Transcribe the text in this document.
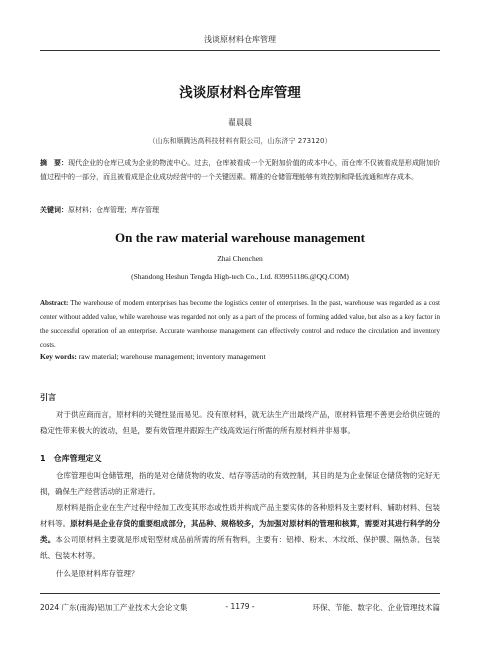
浅谈原材料仓库管理
浅谈原材料仓库管理
翟晨晨
（山东和顺腾达高科技材料有限公司，山东济宁 273120）
摘　要：现代企业的仓库已成为企业的物流中心。过去，仓库被看成一个无附加价值的成本中心，而仓库不仅被看成是形成附加价值过程中的一部分，而且被看成是企业成功经营中的一个关键因素。精准的仓储管理能够有效控制和降低流通和库存成本。
关键词：原材料；仓库管理；库存管理
On the raw material warehouse management
Zhai Chenchen
(Shandong Heshun Tengda High-tech Co., Ltd. 839951186.@QQ.COM)
Abstract: The warehouse of modern enterprises has become the logistics center of enterprises. In the past, warehouse was regarded as a cost center without added value, while warehouse was regarded not only as a part of the process of forming added value, but also as a key factor in the successful operation of an enterprise. Accurate warehouse management can effectively control and reduce the circulation and inventory costs.
Key words: raw material; warehouse management; inventory management
引言
对于供应商而言，原材料的关键性显而易见。没有原材料，就无法生产出最终产品，原材料管理不善更会给供应链的稳定性带来极大的波动，但是，要有效管理并跟踪生产线高效运行所需的所有原材料并非易事。
1　仓库管理定义
仓库管理也叫仓储管理，指的是对仓储货物的收发、结存等活动的有效控制，其目的是为企业保证仓储货物的完好无损，确保生产经营活动的正常进行。
原材料是指企业在生产过程中经加工改变其形态或性质并构成产品主要实体的各种原料及主要材料、辅助材料、包装材料等。原材料是企业存货的重要组成部分，其品种、规格较多，为加强对原材料的管理和核算，需要对其进行科学的分类。本公司原材料主要就是形成铝型材成品前所需的所有物料，主要有：铝棒、粉末、木纹纸、保护膜、隔热条、包装纸、包装木材等。
什么是原材料库存管理？
2024 广东(南海)铝加工产业技术大会论文集	- 1179 -	环保、节能、数字化、企业管理技术篇
